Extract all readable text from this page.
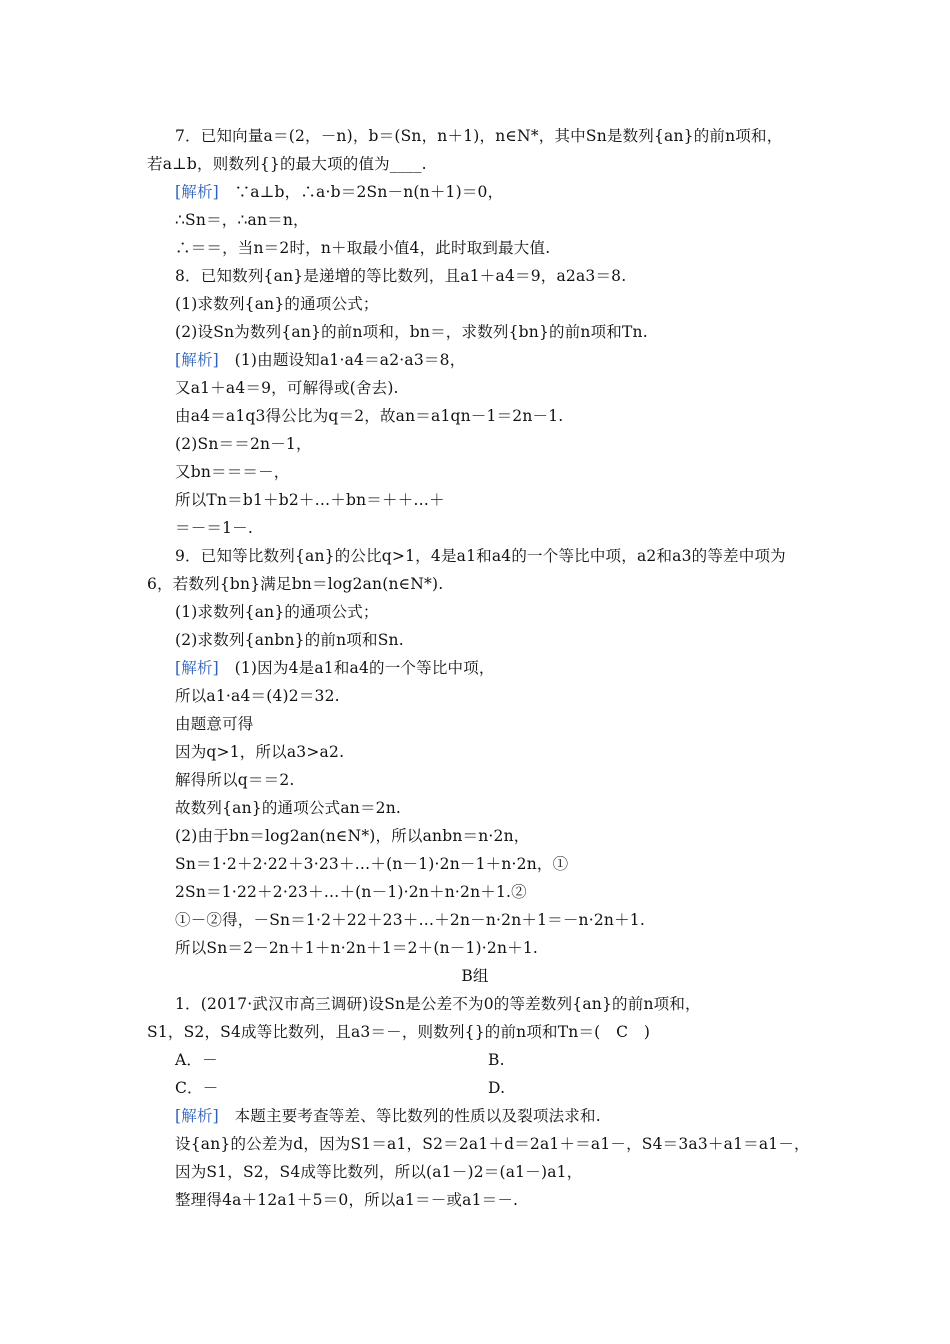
7．已知向量a＝(2，－n)，b＝(Sn，n＋1)，n∈N*，其中Sn是数列{an}的前n项和，
若a⊥b，则数列{}的最大项的值为____.
[解析]　 ∵a⊥b，∴a·b＝2Sn－n(n＋1)＝0，
∴Sn＝，∴an＝n，
∴＝＝，当n＝2时，n＋取最小值4，此时取到最大值.
8．已知数列{an}是递增的等比数列，且a1＋a4＝9，a2a3＝8.
(1)求数列{an}的通项公式；
(2)设Sn为数列{an}的前n项和，bn＝，求数列{bn}的前n项和Tn.
[解析]　 (1)由题设知a1·a4＝a2·a3＝8，
又a1＋a4＝9，可解得或(舍去).
由a4＝a1q3得公比为q＝2，故an＝a1qn－1＝2n－1.
(2)Sn＝＝2n－1，
又bn＝＝＝－，
所以Tn＝b1＋b2＋…＋bn＝＋＋…＋
＝－＝1－.
9．已知等比数列{an}的公比q>1，4是a1和a4的一个等比中项，a2和a3的等差中项为
6，若数列{bn}满足bn＝log2an(n∈N*).
(1)求数列{an}的通项公式；
(2)求数列{anbn}的前n项和Sn.
[解析]　 (1)因为4是a1和a4的一个等比中项，
所以a1·a4＝(4)2＝32.
由题意可得
因为q>1，所以a3>a2.
解得所以q＝＝2.
故数列{an}的通项公式an＝2n.
(2)由于bn＝log2an(n∈N*)，所以anbn＝n·2n，
Sn＝1·2＋2·22＋3·23＋…＋(n－1)·2n－1＋n·2n，①
2Sn＝1·22＋2·23＋…＋(n－1)·2n＋n·2n＋1.②
①－②得，－Sn＝1·2＋22＋23＋…＋2n－n·2n＋1＝－n·2n＋1.
所以Sn＝2－2n＋1＋n·2n＋1＝2＋(n－1)·2n＋1.
B组
1．(2017·武汉市高三调研)设Sn是公差不为0的等差数列{an}的前n项和，
S1，S2，S4成等比数列，且a3＝－，则数列{}的前n项和Tn＝(　C　)
A．－	B.
C．－	D.
[解析]　 本题主要考查等差、等比数列的性质以及裂项法求和.
设{an}的公差为d，因为S1＝a1，S2＝2a1＋d＝2a1＋＝a1－，S4＝3a3＋a1＝a1－，
因为S1，S2，S4成等比数列，所以(a1－)2＝(a1－)a1，
整理得4a＋12a1＋5＝0，所以a1＝－或a1＝－.
